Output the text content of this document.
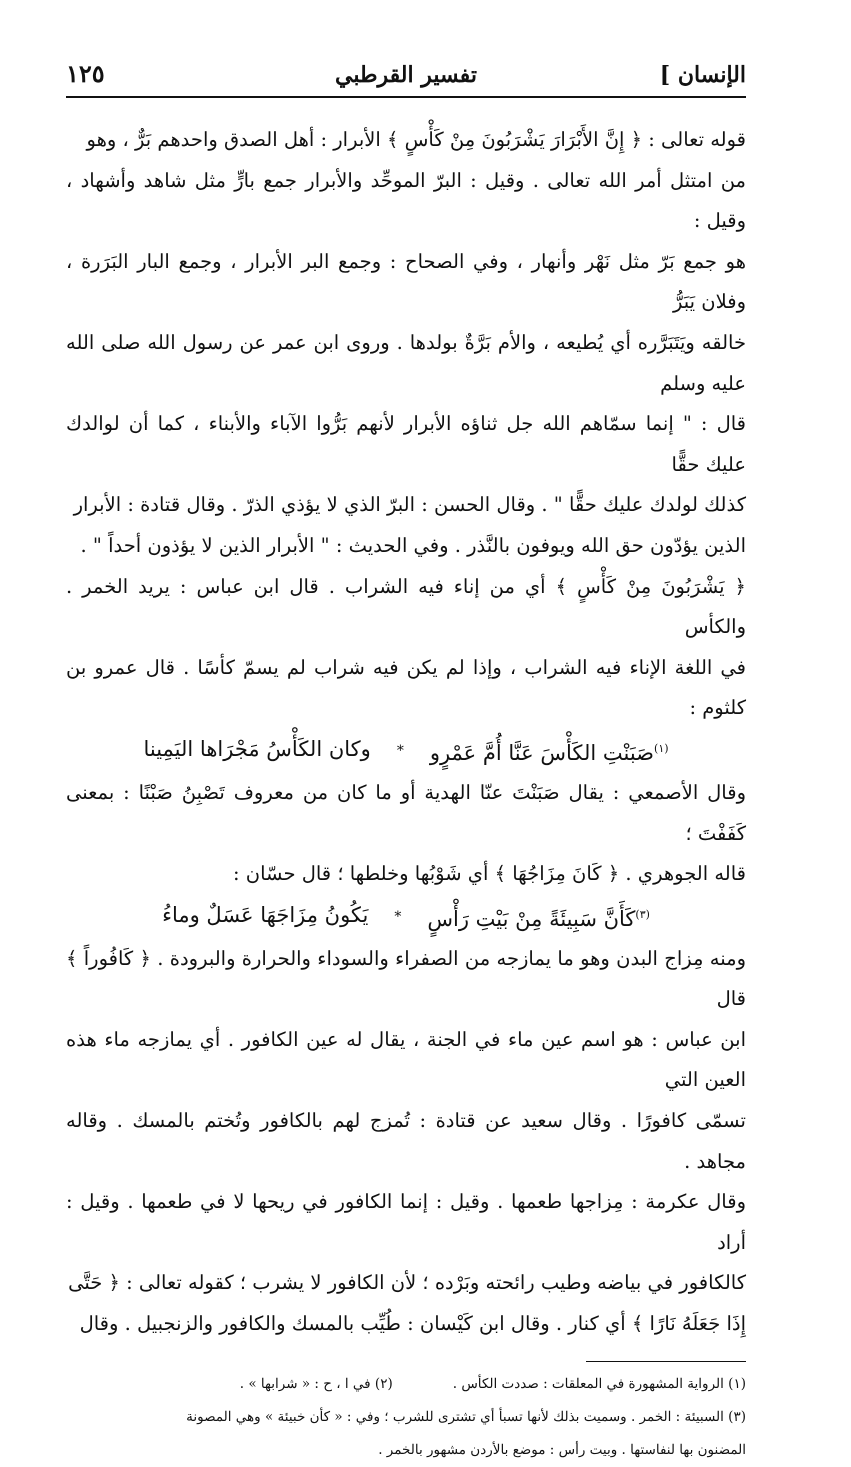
الإنسان ]
تفسير القرطبي
١٢٥

قوله تعالى : ﴿ إِنَّ الأَبْرَارَ يَشْرَبُونَ مِنْ كَأْسٍ ﴾ الأبرار : أهل الصدق واحدهم بَرٌّ ، وهو

من امتثل أمر الله تعالى . وقيل : البرّ الموحِّد والأبرار جمع بارٍّ مثل شاهد وأشهاد ، وقيل :

هو جمع بَرّ مثل نَهْر وأنهار ، وفي الصحاح : وجمع البر الأبرار ، وجمع البار البَرَرة ، وفلان يَبَرُّ

خالقه ويَتَبَرَّره أي يُطيعه ، والأم بَرَّةٌ بولدها . وروى ابن عمر عن رسول الله صلى الله عليه وسلم

قال : " إنما سمّاهم الله جل ثناؤه الأبرار لأنهم بَرُّوا الآباء والأبناء ، كما أن لوالدك عليك حقًّا

كذلك لولدك عليك حقًّا " . وقال الحسن : البرّ الذي لا يؤذي الذرّ . وقال قتادة : الأبرار

الذين يؤدّون حق الله ويوفون بالنَّذر . وفي الحديث : " الأبرار الذين لا يؤذون أحداً " .

﴿ يَشْرَبُونَ مِنْ كَأْسٍ ﴾ أي من إناء فيه الشراب . قال ابن عباس : يريد الخمر . والكأس

في اللغة الإناء فيه الشراب ، وإذا لم يكن فيه شراب لم يسمّ كأسًا . قال عمرو بن كلثوم :

$^{(١)}$صَبَنْتِ الكَأْسَ عَنَّا أُمَّ عَمْرٍو
*
وكان الكَأْسُ مَجْرَاها اليَمِينا

وقال الأصمعي : يقال صَبَنْتَ عنّا الهدية أو ما كان من معروف تَصْبِنُ صَبْنًا : بمعنى كَفَفْتَ ؛

قاله الجوهري . ﴿ كَانَ مِزَاجُهَا ﴾ أي شَوْبُها وخلطها ؛ قال حسّان :

$^{(٣)}$كَأَنَّ سَبِيئَةً مِنْ بَيْتِ رَأْسٍ
*
يَكُونُ مِزَاجَهَا عَسَلٌ وماءُ

ومنه مِزاج البدن وهو ما يمازجه من الصفراء والسوداء والحرارة والبرودة . ﴿ كَافُوراً ﴾ قال

ابن عباس : هو اسم عين ماء في الجنة ، يقال له عين الكافور . أي يمازجه ماء هذه العين التي

تسمّى كافورًا . وقال سعيد عن قتادة : تُمزج لهم بالكافور وتُختم بالمسك . وقاله مجاهد .

وقال عكرمة : مِزاجها طعمها . وقيل : إنما الكافور في ريحها لا في طعمها . وقيل : أراد

كالكافور في بياضه وطيب رائحته وبَرْده ؛ لأن الكافور لا يشرب ؛ كقوله تعالى : ﴿ حَتَّى

إِذَا جَعَلَهُ نَارًا ﴾ أي كنار . وقال ابن كَيْسان : طُيِّب بالمسك والكافور والزنجبيل . وقال

(١) الرواية المشهورة في المعلقات : صددت الكأس .
(٢) في ا ، ح : « شرابها » .

(٣) السبيئة : الخمر . وسميت بذلك لأنها تسبأ أي تشترى للشرب ؛ وفي : « كأن خبيئة » وهي المصونة

المضنون بها لنفاستها . وبيت رأس : موضع بالأردن مشهور بالخمر .
